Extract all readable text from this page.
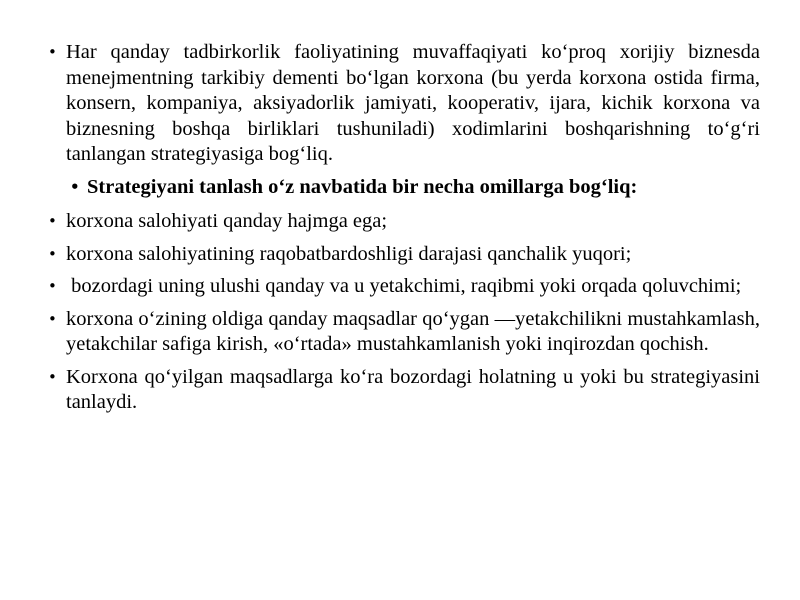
• Har qanday tadbirkorlik faoliyatining muvaffaqiyati ko‘proq xorijiy biznesda menejmentning tarkibiy dementi bo‘lgan korxona (bu yerda korxona ostida firma, konsern, kompaniya, aksiyadorlik jamiyati, kooperativ, ijara, kichik korxona va biznesning boshqa birliklari tushuniladi) xodimlarini boshqarishning to‘g‘ri tanlangan strategiyasiga bog‘liq.
• Strategiyani tanlash o‘z navbatida bir necha omillarga bog‘liq:
• korxona salohiyati qanday hajmga ega;
• korxona salohiyatining raqobatbardoshligi darajasi qanchalik yuqori;
• bozordagi uning ulushi qanday va u yetakchimi, raqibmi yoki orqada qoluvchimi;
• korxona o‘zining oldiga qanday maqsadlar qo‘ygan —yetakchilikni mustahkamlash, yetakchilar safiga kirish, «o‘rtada» mustahkamlanish yoki inqirozdan qochish.
• Korxona qo‘yilgan maqsadlarga ko‘ra bozordagi holatning u yoki bu strategiyasini tanlaydi.
